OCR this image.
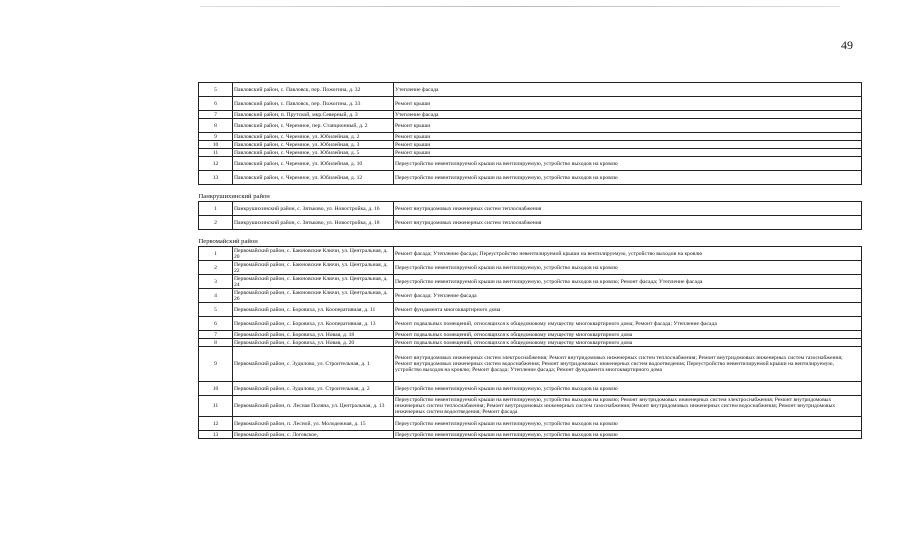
49
5	Павловский район, с. Павловск, пер. Пожогина, д. 32	Утепление фасада
6	Павловский район, с. Павловск, пер. Пожогина, д. 33	Ремонт крыши
7	Павловский район, п. Прутской, мкр.Северный, д. 3	Утепление фасада
8	Павловский район, с. Черемное, пер. Станционный, д. 2	Ремонт крыши
9	Павловский район, с. Черемное, ул. Юбилейная, д. 2	Ремонт крыши
10	Павловский район, с. Черемное, ул. Юбилейная, д. 3	Ремонт крыши
11	Павловский район, с. Черемное, ул. Юбилейная, д. 5	Ремонт крыши
12	Павловский район, с. Черемное, ул. Юбилейная, д. 10	Переустройство невентилируемой крыши на вентилируемую, устройство выходов на кровлю
13	Павловский район, с. Черемное, ул. Юбилейная, д. 12	Переустройство невентилируемой крыши на вентилируемую, устройство выходов на кровлю
Панкрушихинский район		
1	Панкрушихинский район, с. Зятьково, ул. Новостройка, д. 16	Ремонт внутридомовых инженерных систем теплоснабжения
2	Панкрушихинский район, с. Зятьково, ул. Новостройка, д. 18	Ремонт внутридомовых инженерных систем теплоснабжения
Первомайский район		
1	Первомайский район, с. Баюновские Ключи, ул. Центральная, д. 20	Ремонт фасада; Утепление фасада; Переустройство невентилируемой крыши на вентилируемую, устройство выходов на кровлю
2	Первомайский район, с. Баюновские Ключи, ул. Центральная, д. 22	Переустройство невентилируемой крыши на вентилируемую, устройство выходов на кровлю
3	Первомайский район, с. Баюновские Ключи, ул. Центральная, д. 24	Переустройство невентилируемой крыши на вентилируемую, устройство выходов на кровлю; Ремонт фасада; Утепление фасада
4	Первомайский район, с. Баюновские Ключи, ул. Центральная, д. 26	Ремонт фасада; Утепление фасада
5	Первомайский район, с. Боровиха, ул. Кооперативная, д. 11	Ремонт фундамента многоквартирного дома
6	Первомайский район, с. Боровиха, ул. Кооперативная, д. 13	Ремонт подвальных помещений, относящихся к общедомовому имуществу многоквартирного дома; Ремонт фасада; Утепление фасада
7	Первомайский район, с. Боровиха, ул. Новая, д. 18	Ремонт подвальных помещений, относящихся к общедомовому имуществу многоквартирного дома
8	Первомайский район, с. Боровиха, ул. Новая, д. 20	Ремонт подвальных помещений, относящихся к общедомовому имуществу многоквартирного дома
9	Первомайский район, с. Зудилово, ул. Строительная, д. 1	Ремонт внутридомовых инженерных систем электроснабжения; Ремонт внутридомовых инженерных систем теплоснабжения; Ремонт внутридомовых инженерных систем газоснабжения; Ремонт внутридомовых инженерных систем водоснабжения; Ремонт внутридомовых инженерных систем водоотведения; Переустройство невентилируемой крыши на вентилируемую, устройство выходов на кровлю; Ремонт фасада; Утепление фасада; Ремонт фундамента многоквартирного дома
10	Первомайский район, с. Зудилово, ул. Строительная, д. 2	Переустройство невентилируемой крыши на вентилируемую, устройство выходов на кровлю
11	Первомайский район, п. Лесная Поляна, ул. Центральная, д. 13	Переустройство невентилируемой крыши на вентилируемую, устройство выходов на кровлю; Ремонт внутридомовых инженерных систем электроснабжения; Ремонт внутридомовых инженерных систем теплоснабжения; Ремонт внутридомовых инженерных систем газоснабжения; Ремонт внутридомовых инженерных систем водоснабжения; Ремонт внутридомовых инженерных систем водоотведения; Ремонт фасада
12	Первомайский район, п. Лесной, ул. Молодежная, д. 15	Переустройство невентилируемой крыши на вентилируемую, устройство выходов на кровлю
13	Первомайский район, с. Логовское,	Переустройство невентилируемой крыши на вентилируемую, устройство выходов на кровлю
